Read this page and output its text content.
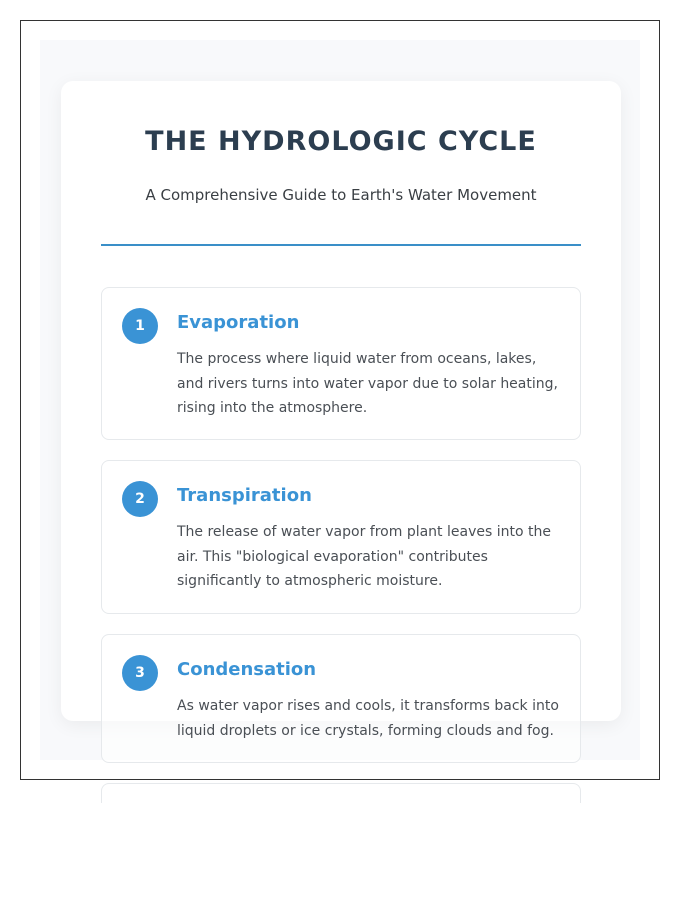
THE HYDROLOGIC CYCLE

A Comprehensive Guide to Earth's Water Movement

1	Evaporation

The process where liquid water from oceans, lakes, and rivers turns into water vapor due to solar heating, rising into the atmosphere.

2	Transpiration

The release of water vapor from plant leaves into the air. This "biological evaporation" contributes significantly to atmospheric moisture.

3	Condensation

As water vapor rises and cools, it transforms back into liquid droplets or ice crystals, forming clouds and fog.
